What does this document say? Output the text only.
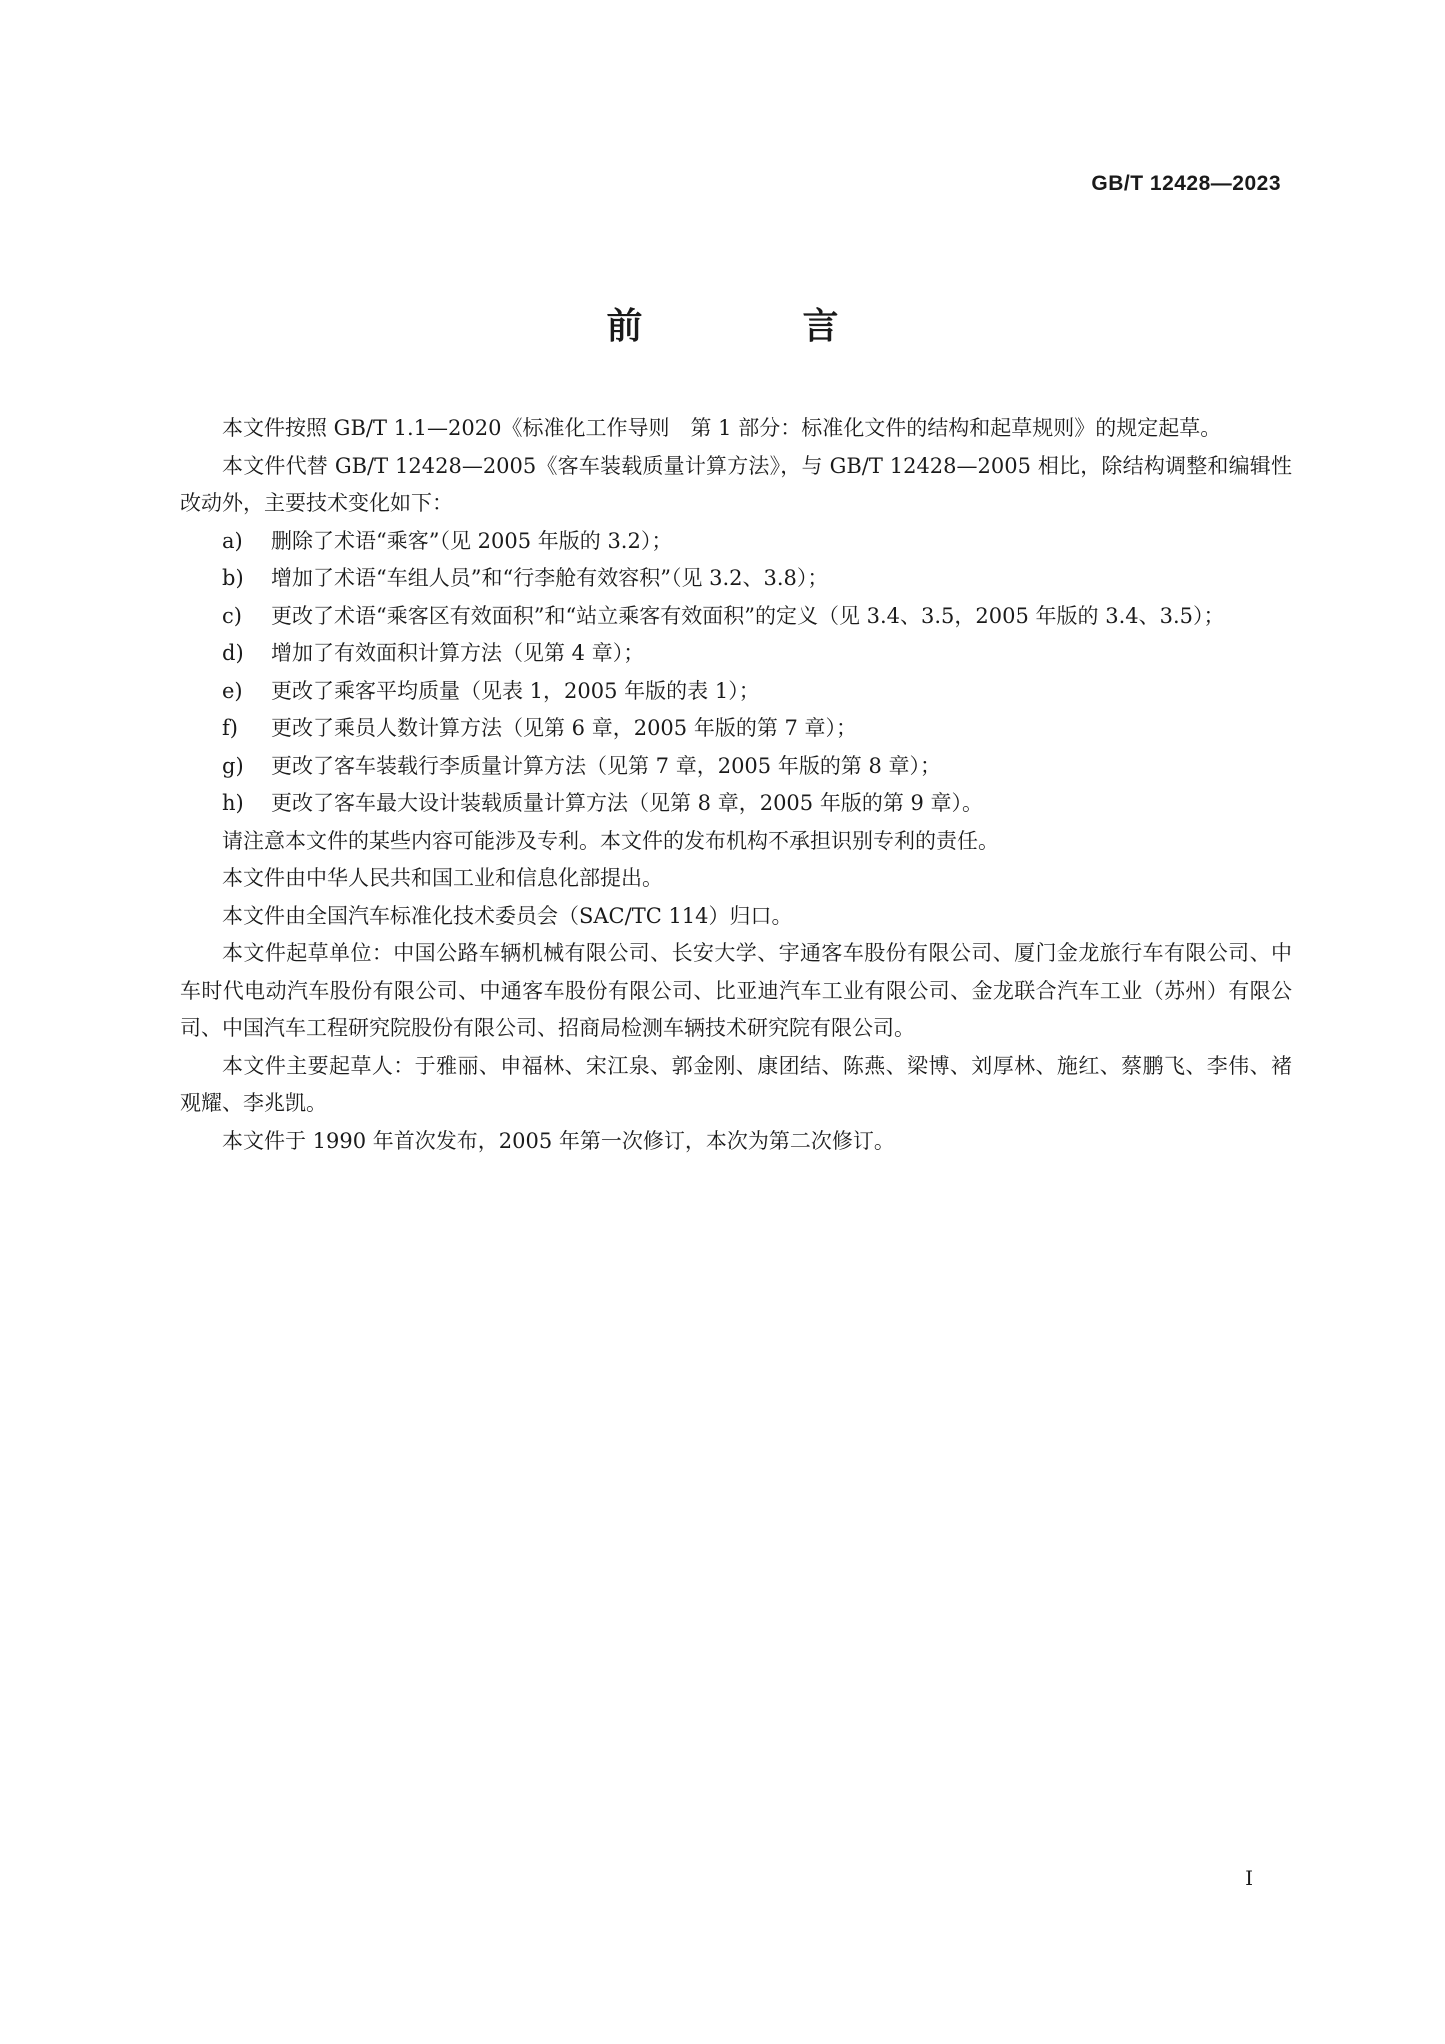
GB/T 12428—2023
前　言

本文件按照 GB/T 1.1—2020《标准化工作导则　第 1 部分：标准化文件的结构和起草规则》的规定起草。

本文件代替 GB/T 12428—2005《客车装载质量计算方法》，与 GB/T 12428—2005 相比，除结构调整和编辑性改动外，主要技术变化如下：

a) 删除了术语“乘客”（见 2005 年版的 3.2）；

b) 增加了术语“车组人员”和“行李舱有效容积”（见 3.2、3.8）；

c) 更改了术语“乘客区有效面积”和“站立乘客有效面积”的定义（见 3.4、3.5，2005 年版的 3.4、3.5）；

d) 增加了有效面积计算方法（见第 4 章）；

e) 更改了乘客平均质量（见表 1，2005 年版的表 1）；

f) 更改了乘员人数计算方法（见第 6 章，2005 年版的第 7 章）；

g) 更改了客车装载行李质量计算方法（见第 7 章，2005 年版的第 8 章）；

h) 更改了客车最大设计装载质量计算方法（见第 8 章，2005 年版的第 9 章）。

请注意本文件的某些内容可能涉及专利。本文件的发布机构不承担识别专利的责任。

本文件由中华人民共和国工业和信息化部提出。

本文件由全国汽车标准化技术委员会（SAC/TC 114）归口。

本文件起草单位：中国公路车辆机械有限公司、长安大学、宇通客车股份有限公司、厦门金龙旅行车有限公司、中车时代电动汽车股份有限公司、中通客车股份有限公司、比亚迪汽车工业有限公司、金龙联合汽车工业（苏州）有限公司、中国汽车工程研究院股份有限公司、招商局检测车辆技术研究院有限公司。

本文件主要起草人：于雅丽、申福林、宋江泉、郭金刚、康团结、陈燕、梁博、刘厚林、施红、蔡鹏飞、李伟、褚观耀、李兆凯。

本文件于 1990 年首次发布，2005 年第一次修订，本次为第二次修订。

I
